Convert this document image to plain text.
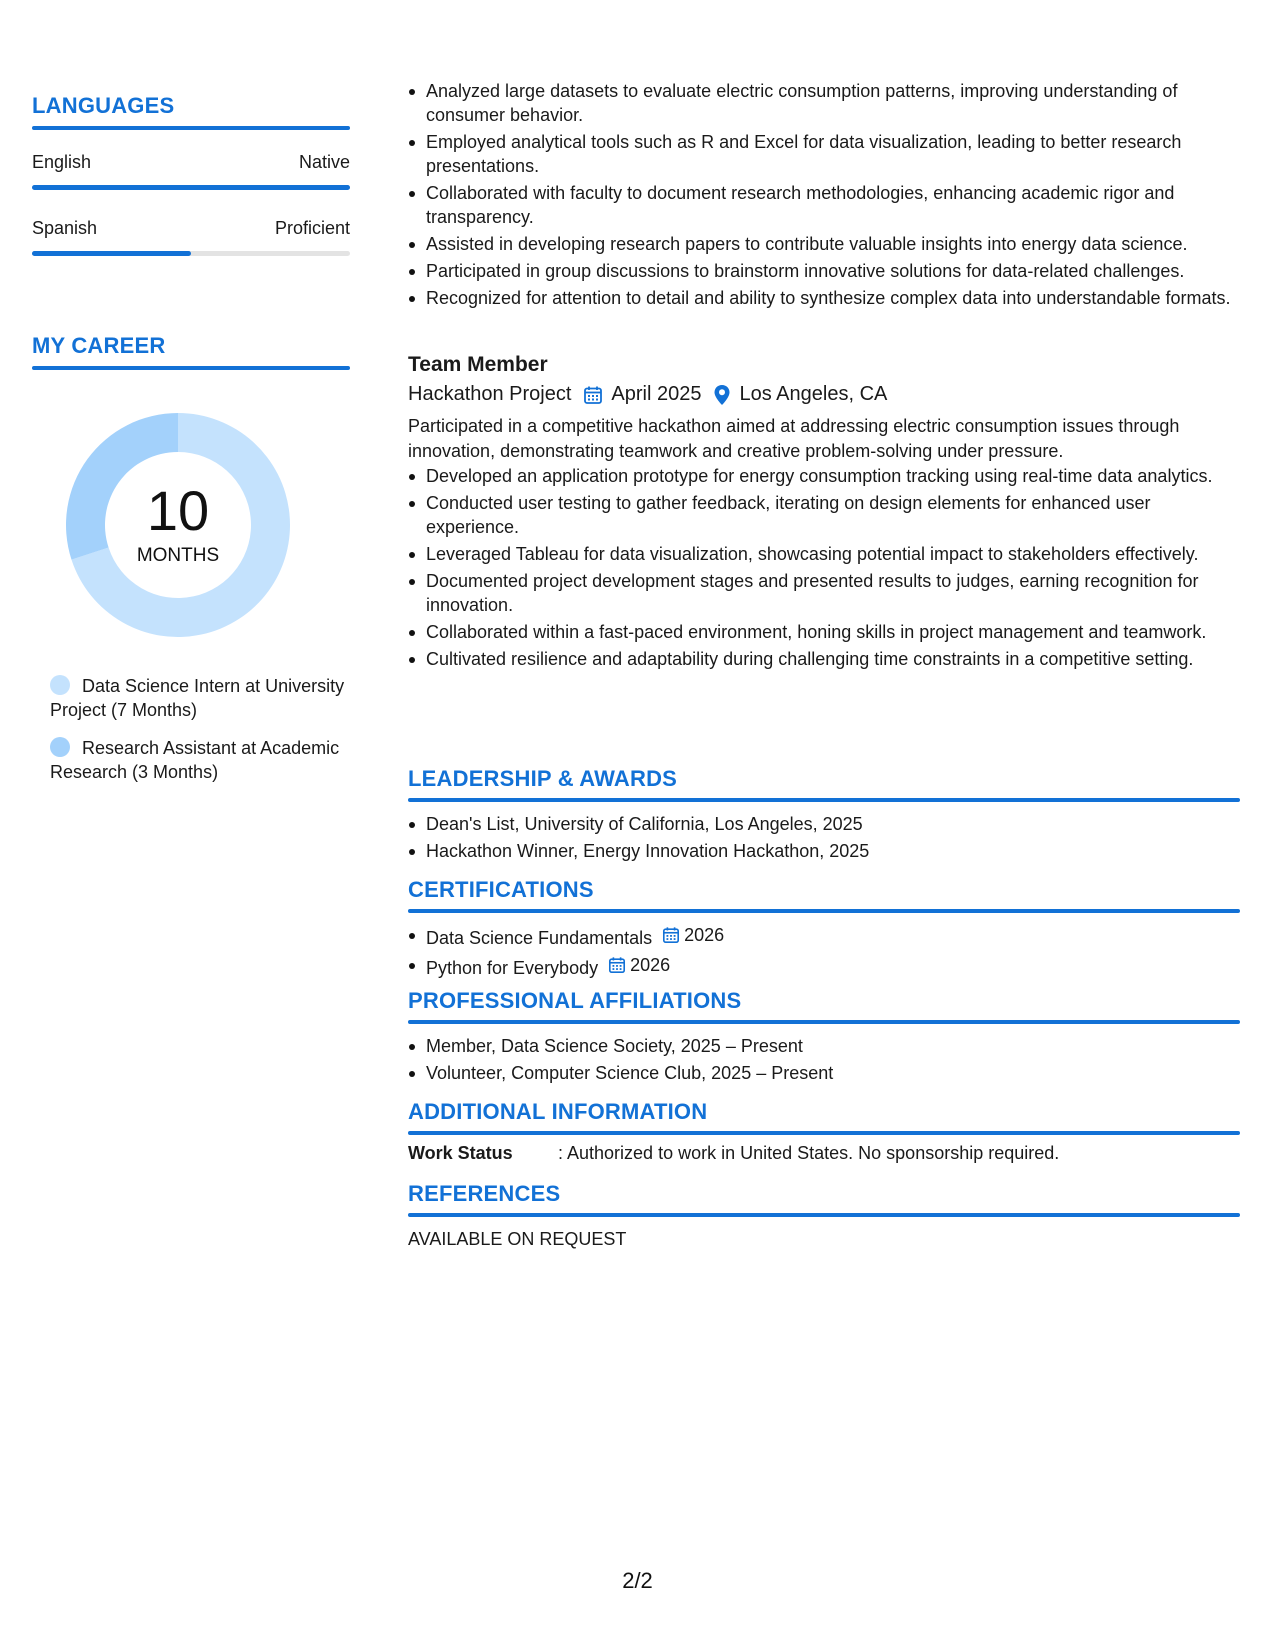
LANGUAGES
English	Native
Spanish	Proficient
MY CAREER
10
MONTHS
Data Science Intern at University Project (7 Months)
Research Assistant at Academic Research (3 Months)
Analyzed large datasets to evaluate electric consumption patterns, improving understanding of consumer behavior.
Employed analytical tools such as R and Excel for data visualization, leading to better research presentations.
Collaborated with faculty to document research methodologies, enhancing academic rigor and transparency.
Assisted in developing research papers to contribute valuable insights into energy data science.
Participated in group discussions to brainstorm innovative solutions for data-related challenges.
Recognized for attention to detail and ability to synthesize complex data into understandable formats.
Team Member
Hackathon Project April 2025 Los Angeles, CA
Participated in a competitive hackathon aimed at addressing electric consumption issues through innovation, demonstrating teamwork and creative problem-solving under pressure.
Developed an application prototype for energy consumption tracking using real-time data analytics.
Conducted user testing to gather feedback, iterating on design elements for enhanced user experience.
Leveraged Tableau for data visualization, showcasing potential impact to stakeholders effectively.
Documented project development stages and presented results to judges, earning recognition for innovation.
Collaborated within a fast-paced environment, honing skills in project management and teamwork.
Cultivated resilience and adaptability during challenging time constraints in a competitive setting.
LEADERSHIP & AWARDS
Dean's List, University of California, Los Angeles, 2025
Hackathon Winner, Energy Innovation Hackathon, 2025
CERTIFICATIONS
Data Science Fundamentals 2026
Python for Everybody 2026
PROFESSIONAL AFFILIATIONS
Member, Data Science Society, 2025 – Present
Volunteer, Computer Science Club, 2025 – Present
ADDITIONAL INFORMATION
Work Status	: Authorized to work in United States. No sponsorship required.
REFERENCES
AVAILABLE ON REQUEST
2/2
